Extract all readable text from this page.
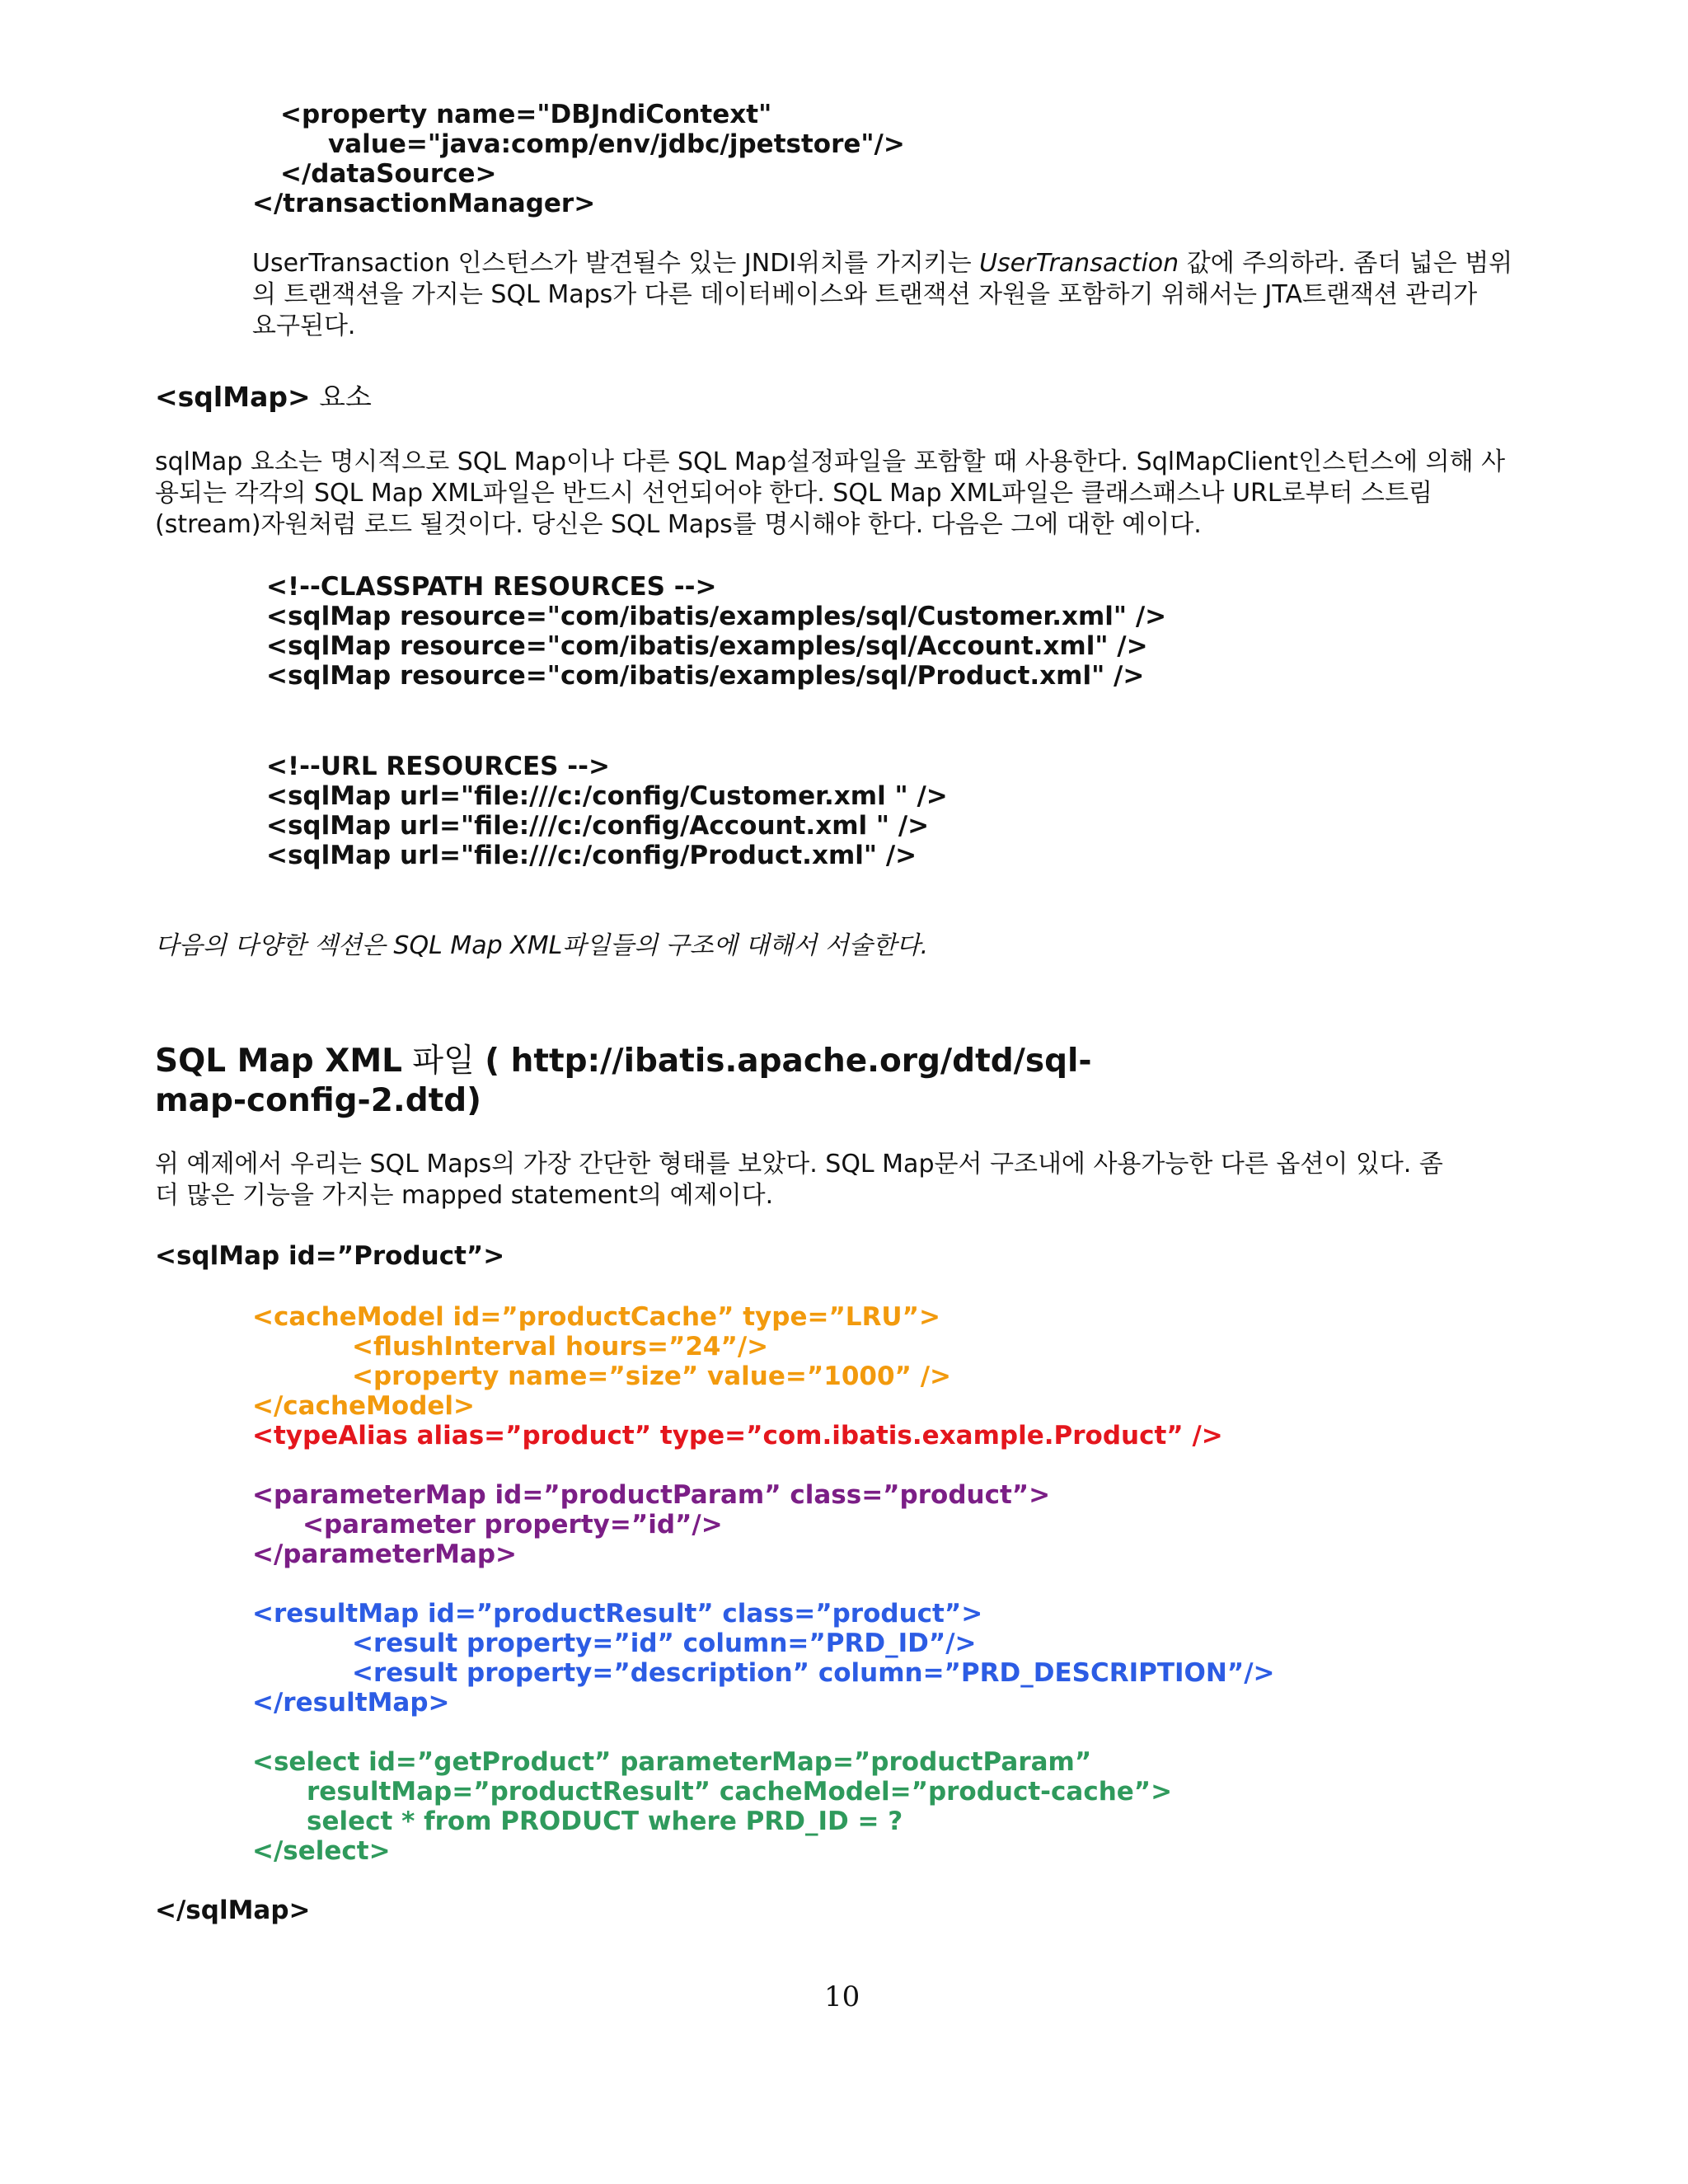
<property name="DBJndiContext"
value="java:comp/env/jdbc/jpetstore"/>
</dataSource>
</transactionManager>
UserTransaction 인스턴스가 발견될수 있는 JNDI위치를 가지키는 UserTransaction 값에 주의하라. 좀더 넓은 범위
의 트랜잭션을 가지는 SQL Maps가 다른 데이터베이스와 트랜잭션 자원을 포함하기 위해서는 JTA트랜잭션 관리가
요구된다.
<sqlMap> 요소
sqlMap 요소는 명시적으로 SQL Map이나 다른 SQL Map설정파일을 포함할 때 사용한다. SqlMapClient인스턴스에 의해 사
용되는 각각의 SQL Map XML파일은 반드시 선언되어야 한다. SQL Map XML파일은 클래스패스나 URL로부터 스트림
(stream)자원처럼 로드 될것이다. 당신은 SQL Maps를 명시해야 한다. 다음은 그에 대한 예이다.
<!--CLASSPATH RESOURCES -->
<sqlMap resource="com/ibatis/examples/sql/Customer.xml" />
<sqlMap resource="com/ibatis/examples/sql/Account.xml" />
<sqlMap resource="com/ibatis/examples/sql/Product.xml" />
<!--URL RESOURCES -->
<sqlMap url="file:///c:/config/Customer.xml " />
<sqlMap url="file:///c:/config/Account.xml " />
<sqlMap url="file:///c:/config/Product.xml" />
다음의 다양한 섹션은 SQL Map XML파일들의 구조에 대해서 서술한다.
SQL Map XML 파일 ( http://ibatis.apache.org/dtd/sql-
map-config-2.dtd)
위 예제에서 우리는 SQL Maps의 가장 간단한 형태를 보았다. SQL Map문서 구조내에 사용가능한 다른 옵션이 있다. 좀
더 많은 기능을 가지는 mapped statement의 예제이다.
<sqlMap id=”Product”>
<cacheModel id=”productCache” type=”LRU”>
<flushInterval hours=”24”/>
<property name=”size” value=”1000” />
</cacheModel>
<typeAlias alias=”product” type=”com.ibatis.example.Product” />
<parameterMap id=”productParam” class=”product”>
<parameter property=”id”/>
</parameterMap>
<resultMap id=”productResult” class=”product”>
<result property=”id” column=”PRD_ID”/>
<result property=”description” column=”PRD_DESCRIPTION”/>
</resultMap>
<select id=”getProduct” parameterMap=”productParam”
resultMap=”productResult” cacheModel=”product-cache”>
select * from PRODUCT where PRD_ID = ?
</select>
</sqlMap>
10
